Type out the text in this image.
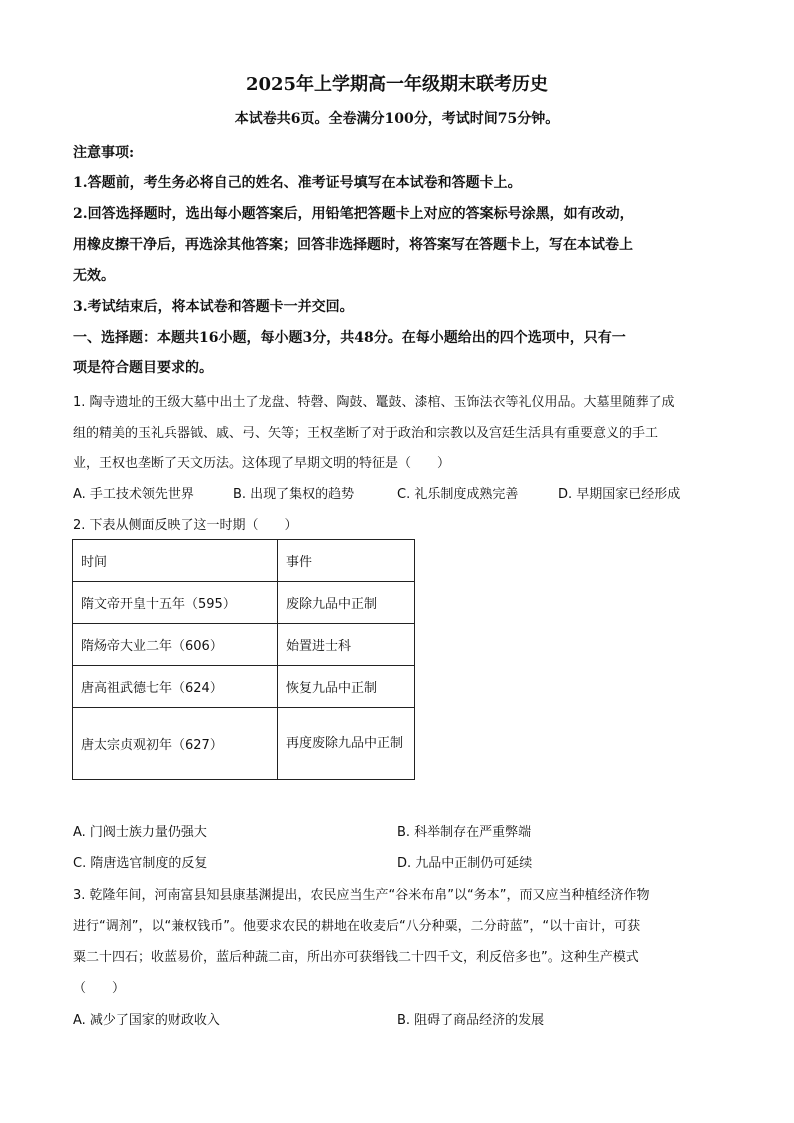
2025年上学期高一年级期末联考历史
本试卷共6页。全卷满分100分，考试时间75分钟。
注意事项:
1.答题前，考生务必将自己的姓名、准考证号填写在本试卷和答题卡上。
2.回答选择题时，选出每小题答案后，用铅笔把答题卡上对应的答案标号涂黑，如有改动，
用橡皮擦干净后，再选涂其他答案；回答非选择题时，将答案写在答题卡上，写在本试卷上
无效。
3.考试结束后，将本试卷和答题卡一并交回。
一、选择题：本题共16小题，每小题3分，共48分。在每小题给出的四个选项中，只有一
项是符合题目要求的。
1. 陶寺遗址的王级大墓中出土了龙盘、特磬、陶鼓、鼍鼓、漆棺、玉饰法衣等礼仪用品。大墓里随葬了成
组的精美的玉礼兵器钺、戚、弓、矢等；王权垄断了对于政治和宗教以及宫廷生活具有重要意义的手工
业，王权也垄断了天文历法。这体现了早期文明的特征是（　　）
A. 手工技术领先世界	B. 出现了集权的趋势	C. 礼乐制度成熟完善	D. 早期国家已经形成
2. 下表从侧面反映了这一时期（　　）
时间	事件
隋文帝开皇十五年（595）	废除九品中正制
隋炀帝大业二年（606）	始置进士科
唐高祖武德七年（624）	恢复九品中正制
唐太宗贞观初年（627）	再度废除九品中正制
A. 门阀士族力量仍强大	B. 科举制存在严重弊端
C. 隋唐选官制度的反复	D. 九品中正制仍可延续
3. 乾隆年间，河南富县知县康基渊提出，农民应当生产“谷米布帛”以“务本”，而又应当种植经济作物
进行“调剂”，以“兼权钱币”。他要求农民的耕地在收麦后“八分种粟，二分莳蓝”，“以十亩计，可获
粟二十四石；收蓝易价，蓝后种蔬二亩，所出亦可获缗钱二十四千文，利反倍多也”。这种生产模式
（　　）
A. 减少了国家的财政收入	B. 阻碍了商品经济的发展
